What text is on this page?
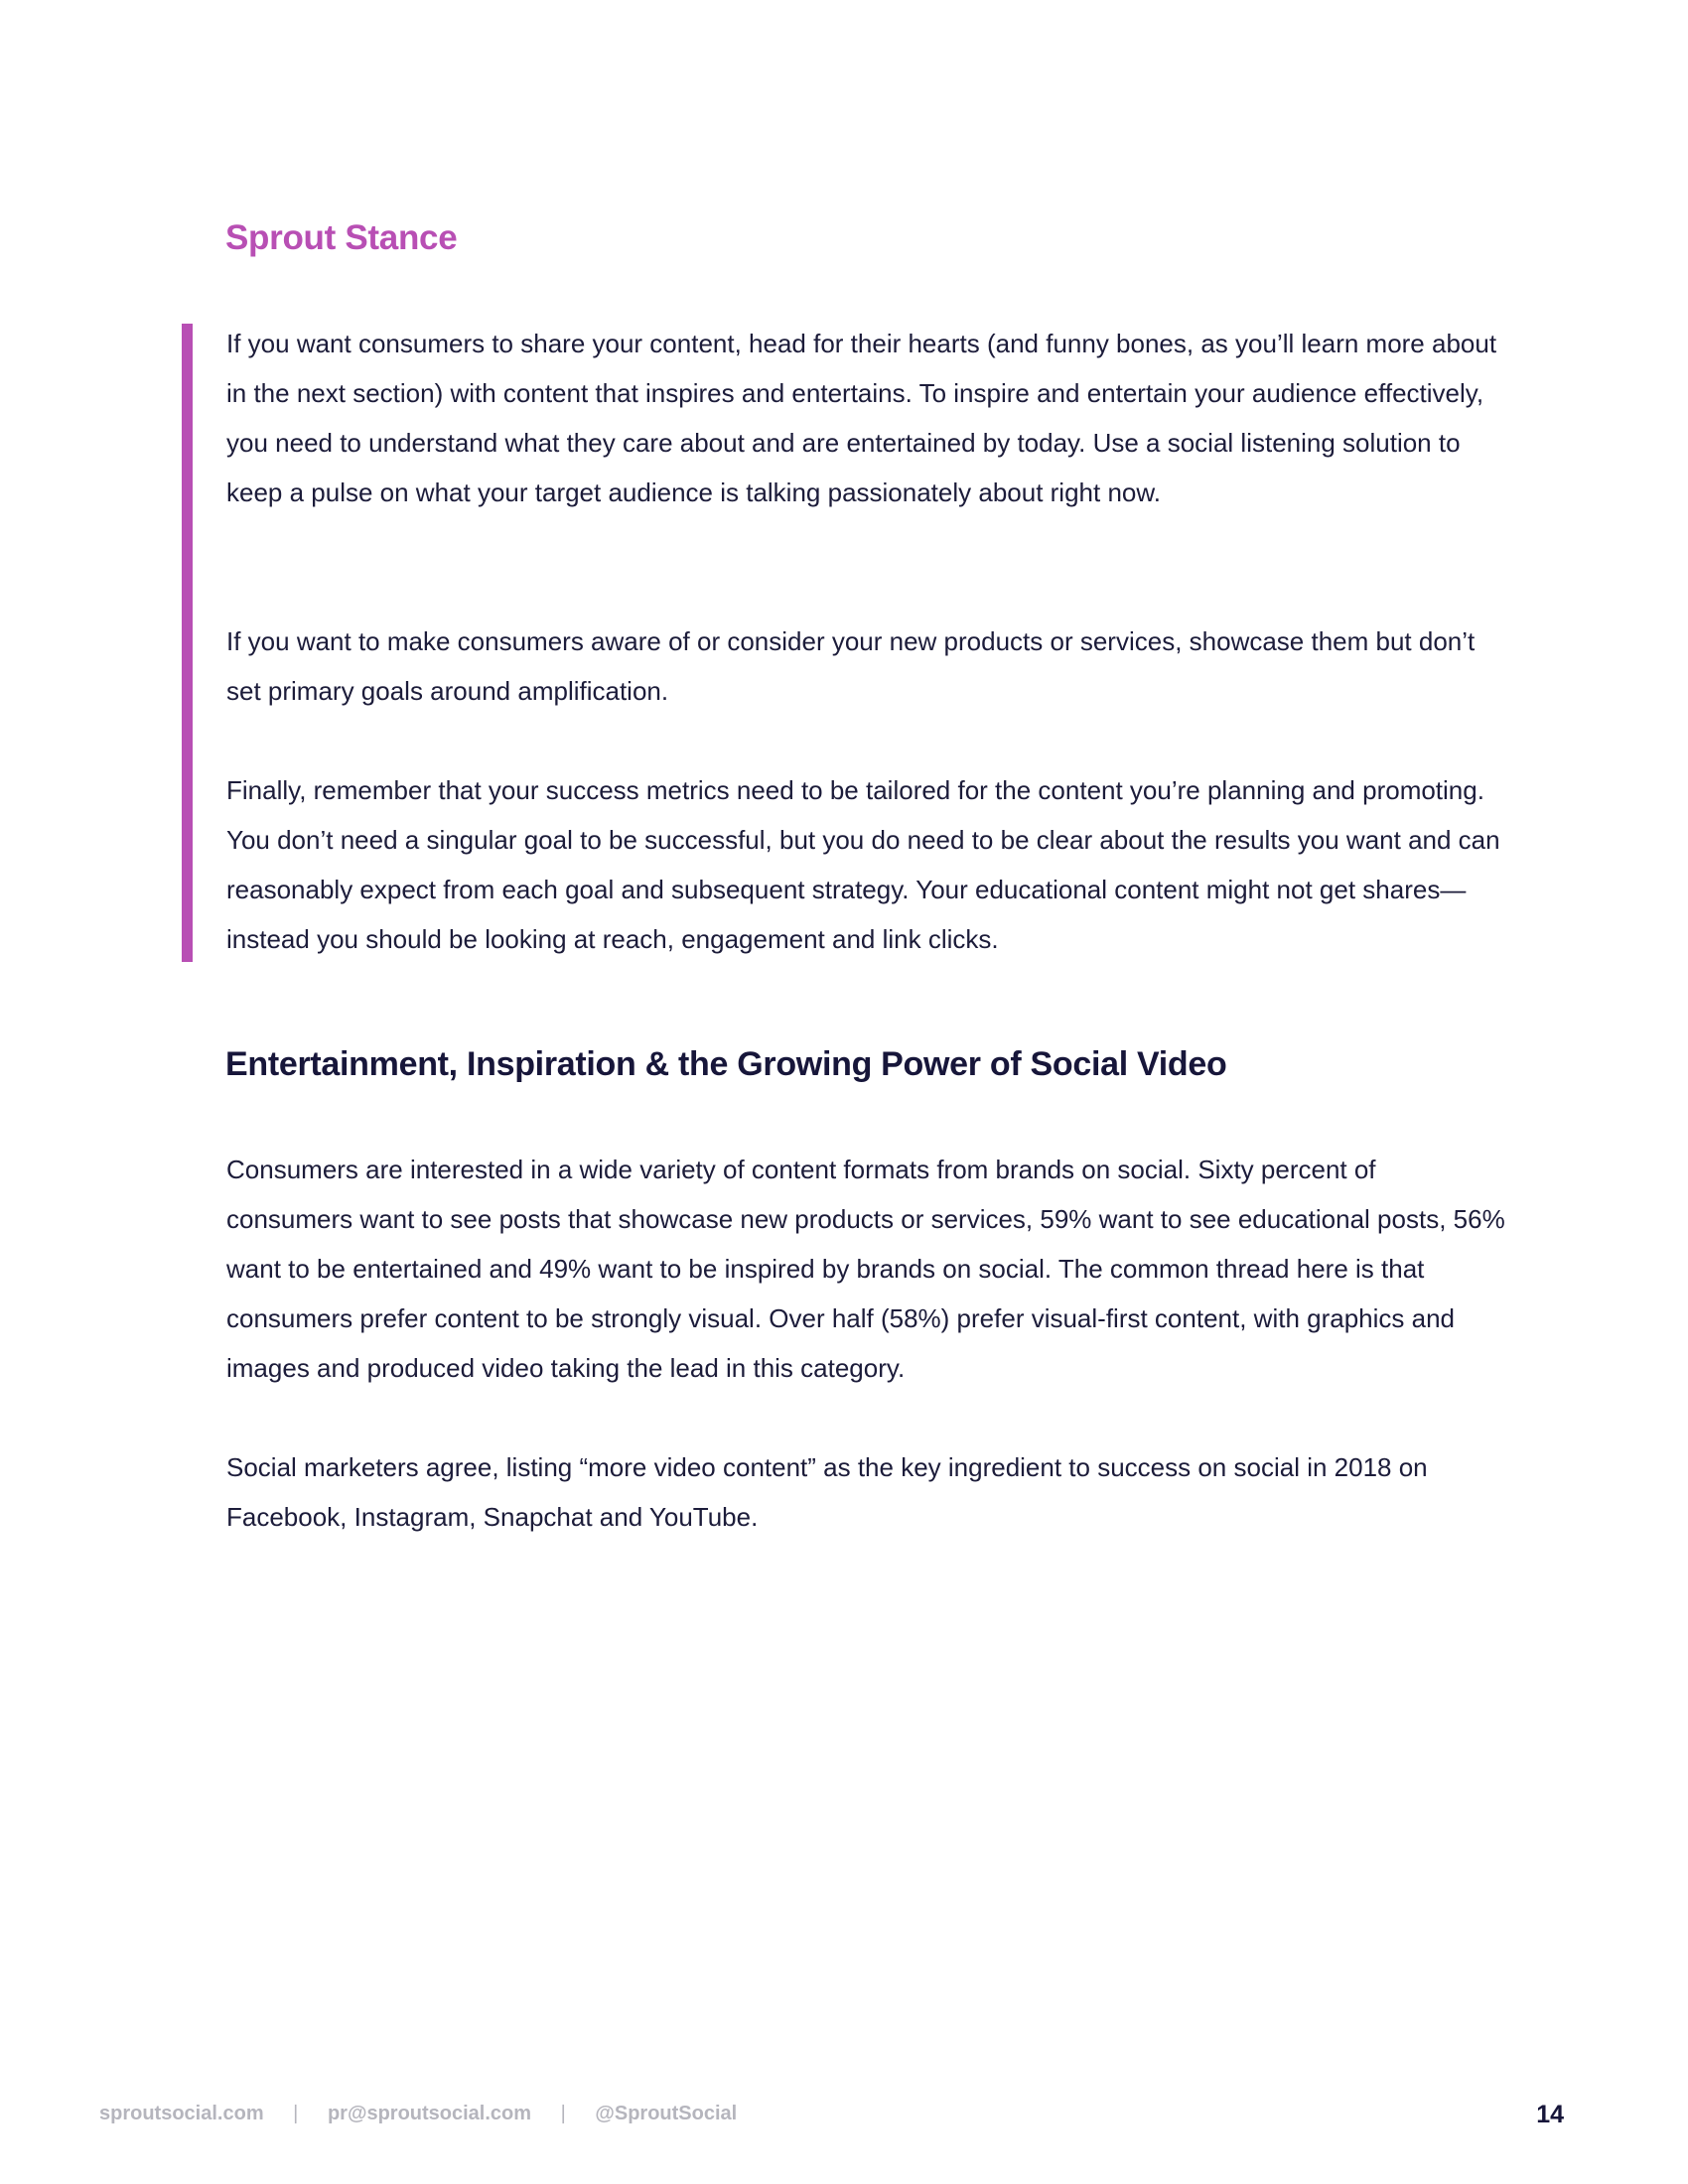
Sprout Stance

If you want consumers to share your content, head for their hearts (and funny bones, as you’ll learn more about in the next section) with content that inspires and entertains. To inspire and entertain your audience effectively, you need to understand what they care about and are entertained by today. Use a social listening solution to keep a pulse on what your target audience is talking passionately about right now.

If you want to make consumers aware of or consider your new products or services, showcase them but don’t set primary goals around amplification.

Finally, remember that your success metrics need to be tailored for the content you’re planning and promoting. You don’t need a singular goal to be successful, but you do need to be clear about the results you want and can reasonably expect from each goal and subsequent strategy. Your educational content might not get shares—instead you should be looking at reach, engagement and link clicks.

Entertainment, Inspiration & the Growing Power of Social Video

Consumers are interested in a wide variety of content formats from brands on social. Sixty percent of consumers want to see posts that showcase new products or services, 59% want to see educational posts, 56% want to be entertained and 49% want to be inspired by brands on social. The common thread here is that consumers prefer content to be strongly visual. Over half (58%) prefer visual-first content, with graphics and images and produced video taking the lead in this category.

Social marketers agree, listing “more video content” as the key ingredient to success on social in 2018 on Facebook, Instagram, Snapchat and YouTube.

sproutsocial.com | pr@sproutsocial.com | @SproutSocial	14
